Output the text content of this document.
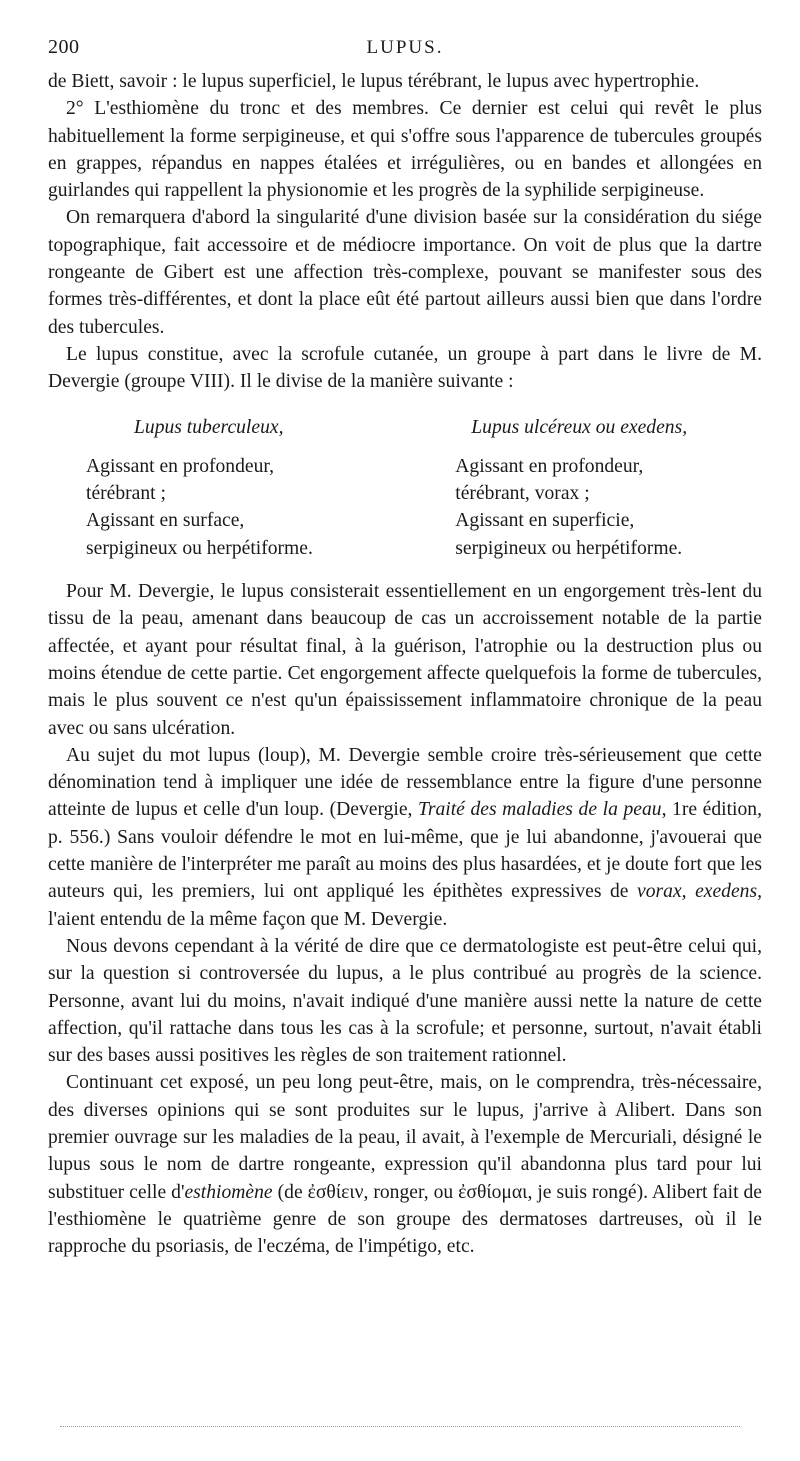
200	LUPUS.

de Biett, savoir : le lupus superficiel, le lupus térébrant, le lupus avec hypertrophie.

2° L'esthiomène du tronc et des membres. Ce dernier est celui qui revêt le plus habituellement la forme serpigineuse, et qui s'offre sous l'apparence de tubercules groupés en grappes, répandus en nappes étalées et irrégulières, ou en bandes et allongées en guirlandes qui rappellent la physionomie et les progrès de la syphilide serpigineuse.

On remarquera d'abord la singularité d'une division basée sur la considération du siége topographique, fait accessoire et de médiocre importance. On voit de plus que la dartre rongeante de Gibert est une affection très-complexe, pouvant se manifester sous des formes très-différentes, et dont la place eût été partout ailleurs aussi bien que dans l'ordre des tubercules.

Le lupus constitue, avec la scrofule cutanée, un groupe à part dans le livre de M. Devergie (groupe VIII). Il le divise de la manière suivante :

Lupus tuberculeux,
Agissant en profondeur,
térébrant ;
Agissant en surface,
serpigineux ou herpétiforme.
Lupus ulcéreux ou exedens,
Agissant en profondeur,
térébrant, vorax ;
Agissant en superficie,
serpigineux ou herpétiforme.

Pour M. Devergie, le lupus consisterait essentiellement en un engorgement très-lent du tissu de la peau, amenant dans beaucoup de cas un accroissement notable de la partie affectée, et ayant pour résultat final, à la guérison, l'atrophie ou la destruction plus ou moins étendue de cette partie. Cet engorgement affecte quelquefois la forme de tubercules, mais le plus souvent ce n'est qu'un épaississement inflammatoire chronique de la peau avec ou sans ulcération.

Au sujet du mot lupus (loup), M. Devergie semble croire très-sérieusement que cette dénomination tend à impliquer une idée de ressemblance entre la figure d'une personne atteinte de lupus et celle d'un loup. (Devergie, Traité des maladies de la peau, 1re édition, p. 556.) Sans vouloir défendre le mot en lui-même, que je lui abandonne, j'avouerai que cette manière de l'interpréter me paraît au moins des plus hasardées, et je doute fort que les auteurs qui, les premiers, lui ont appliqué les épithètes expressives de vorax, exedens, l'aient entendu de la même façon que M. Devergie.

Nous devons cependant à la vérité de dire que ce dermatologiste est peut-être celui qui, sur la question si controversée du lupus, a le plus contribué au progrès de la science. Personne, avant lui du moins, n'avait indiqué d'une manière aussi nette la nature de cette affection, qu'il rattache dans tous les cas à la scrofule; et personne, surtout, n'avait établi sur des bases aussi positives les règles de son traitement rationnel.

Continuant cet exposé, un peu long peut-être, mais, on le comprendra, très-nécessaire, des diverses opinions qui se sont produites sur le lupus, j'arrive à Alibert. Dans son premier ouvrage sur les maladies de la peau, il avait, à l'exemple de Mercuriali, désigné le lupus sous le nom de dartre rongeante, expression qu'il abandonna plus tard pour lui substituer celle d'esthiomène (de ἐσθίειν, ronger, ou ἐσθίομαι, je suis rongé). Alibert fait de l'esthiomène le quatrième genre de son groupe des dermatoses dartreuses, où il le rapproche du psoriasis, de l'eczéma, de l'impétigo, etc.
